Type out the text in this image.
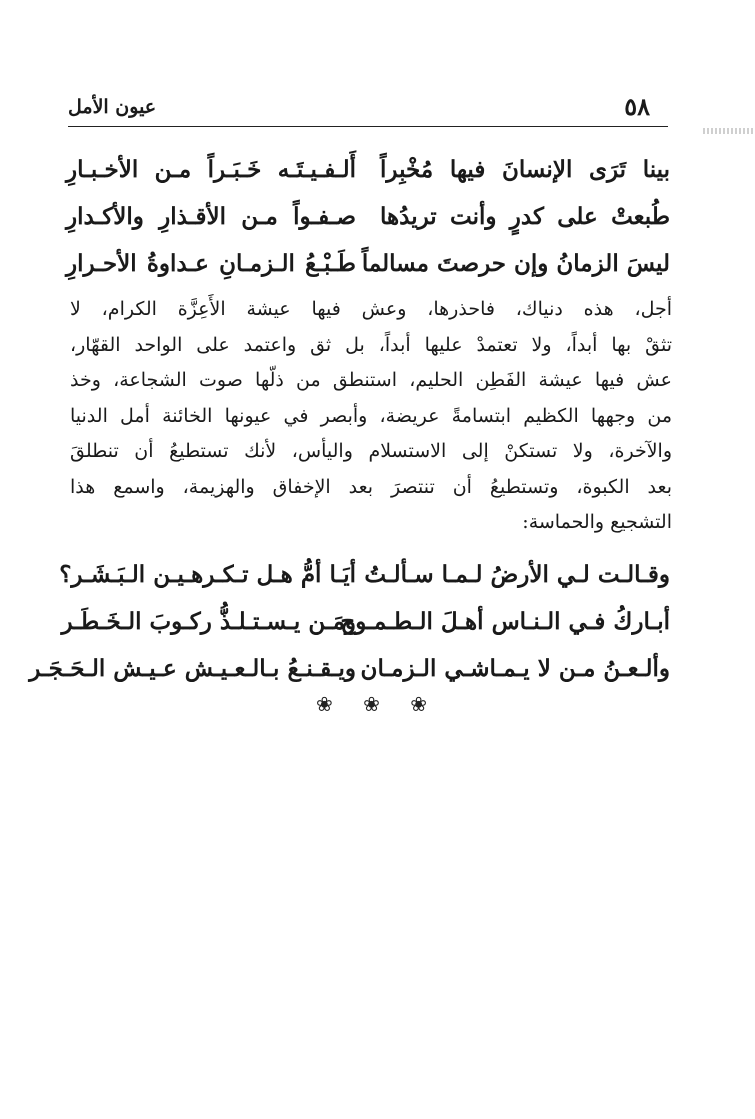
عيون الأمل	٥٨
بينا تَرَى الإنسانَ فيها مُخْبِراً
أَلـفـيـتَـه خَـبَـراً مـن الأخـبـارِ
طُبعتْ على كدرٍ وأنت تريدُها
صـفـواً مـن الأقـذارِ والأكـدارِ
ليسَ الزمانُ وإن حرصتَ مسالماً
طَـبْـعُ الـزمـانِ عـداوةُ الأحـرارِ
أجل، هذه دنياك، فاحذرها، وعش فيها عيشة الأَعِزَّة الكرام، لا
تثقْ بها أبداً، ولا تعتمدْ عليها أبداً، بل ثق واعتمد على الواحد القهّار،
عش فيها عيشة الفَطِن الحليم، استنطق من ذلّها صوت الشجاعة، وخذ
من وجهها الكظيم ابتسامةً عريضة، وأبصر في عيونها الخائنة أمل الدنيا
والآخرة، ولا تستكنْ إلى الاستسلام واليأس، لأنك تستطيعُ أن تنطلقَ
بعد الكبوة، وتستطيعُ أن تنتصرَ بعد الإخفاق والهزيمة، واسمع هذا
التشجيع والحماسة:
وقـالـت لـي الأرضُ لـمـا سـألـتُ
أيَـا أمُّ هـل تـكـرهـيـن الـبَـشَـر؟
أبـاركُ فـي الـنـاس أهـلَ الـطـمـوح
ومَـن يـسـتـلـذُّ ركـوبَ الـخَـطَـر
وألـعـنُ مـن لا يـمـاشـي الـزمـان
ويـقـنـعُ بـالـعـيـش عـيـش الـحَـجَـر
❀ ❀ ❀
